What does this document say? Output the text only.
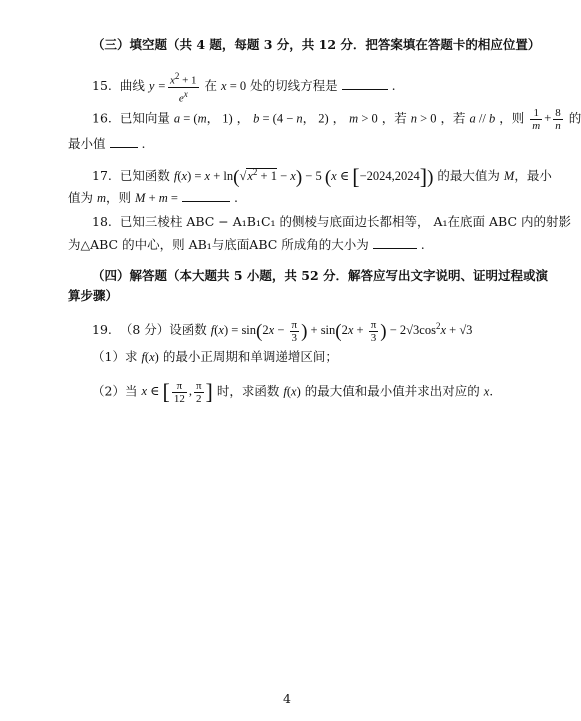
（三）填空题（共 4 题，每题 3 分，共 12 分．把答案填在答题卡的相应位置）
15. 曲线 $y = \frac{x^2 + 1}{e^x}$ 在 x = 0 处的切线方程是	.
16. 已知向量 a = (m， 1) ， b = (4 − n， 2) ， m > 0 ，若 n > 0 ，若 a // b ，则 $\frac{1}{m} + \frac{8}{n}$ 的
最小值	.
17. 已知函数 $f(x) = x + \ln(√x^2 + 1 - x) - 5$ (x ∈ [−2024,2024]) 的最大值为 M，最小
值为 m，则 M + m =	.
18. 已知三棱柱 ABC − A₁B₁C₁ 的侧棱与底面边长都相等， A₁在底面 ABC 内的射影
为△ABC 的中心，则 AB₁与底面ABC 所成角的大小为	.
（四）解答题（本大题共 5 小题，共 52 分．解答应写出文字说明、证明过程或演
算步骤）
19. （8 分）设函数 $f(x) = \sin(2x - \frac{\pi}{3}$ ) + $\sin(2x + \frac{\pi}{3}$ ) − $2√3\cos^2x + √3$
（1）求 f(x) 的最小正周期和单调递增区间；
（2）当 x ∈ [ $\frac{\pi}{12}$ , $\frac{\pi}{2}$ ] 时，求函数 f(x) 的最大值和最小值并求出对应的 x.
4
